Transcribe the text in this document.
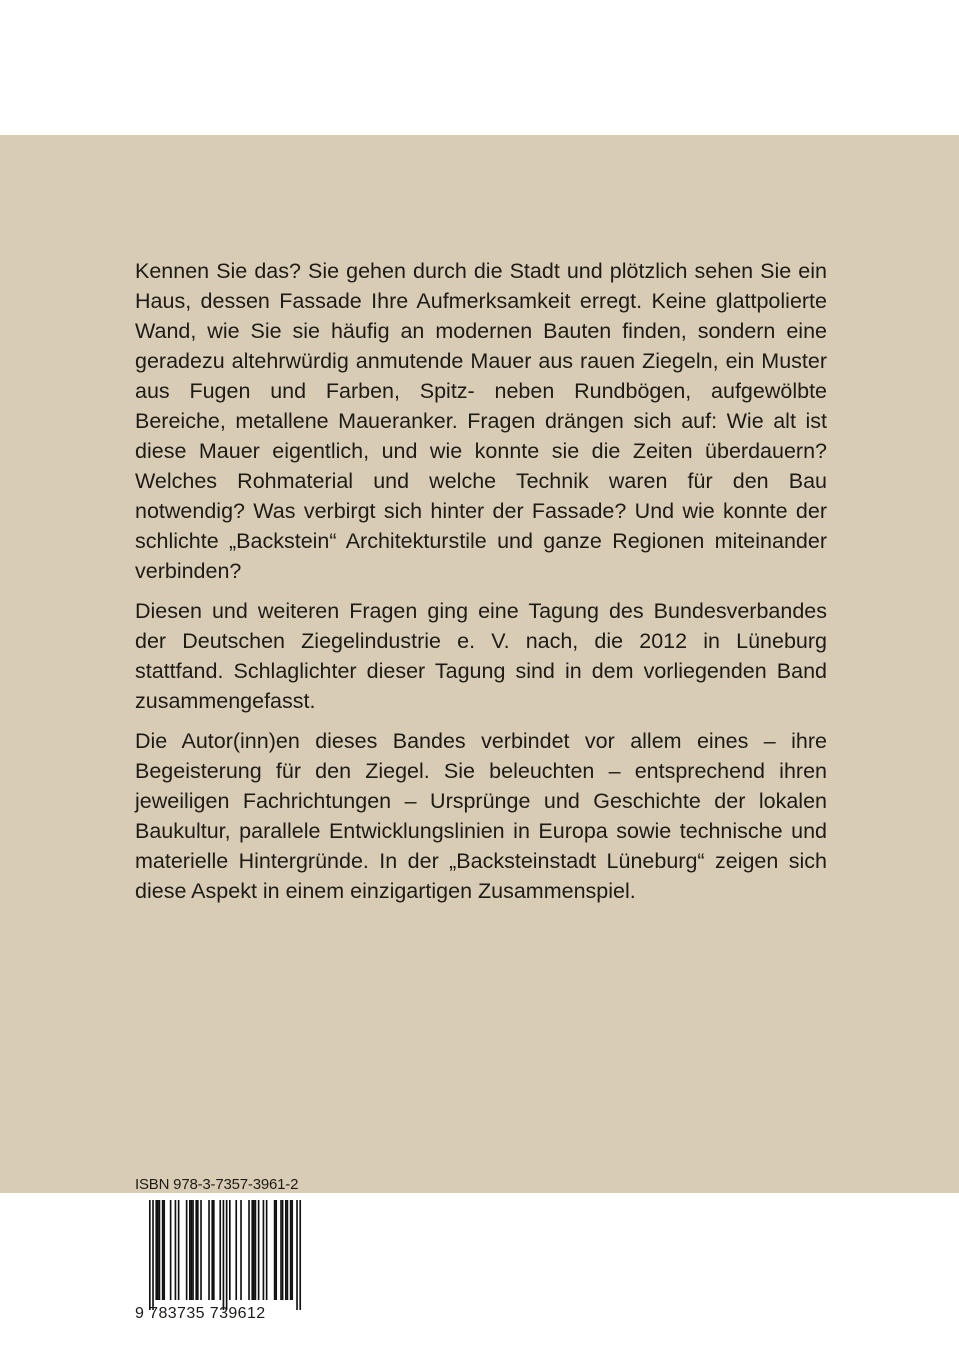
Kennen Sie das? Sie gehen durch die Stadt und plötzlich sehen Sie ein Haus, dessen Fassade Ihre Aufmerksamkeit erregt. Keine glattpolierte Wand, wie Sie sie häufig an modernen Bauten finden, sondern eine geradezu altehrwürdig anmutende Mauer aus rauen Ziegeln, ein Muster aus Fugen und Farben, Spitz- neben Rundbögen, aufgewölbte Bereiche, metallene Maueranker. Fragen drängen sich auf: Wie alt ist diese Mauer eigentlich, und wie konnte sie die Zeiten überdauern? Welches Rohmaterial und welche Technik waren für den Bau notwendig? Was verbirgt sich hinter der Fassade? Und wie konnte der schlichte „Backstein“ Architekturstile und ganze Regionen miteinander verbinden?

Diesen und weiteren Fragen ging eine Tagung des Bundesverbandes der Deutschen Ziegelindustrie e. V. nach, die 2012 in Lüneburg stattfand. Schlaglichter dieser Tagung sind in dem vorliegenden Band zusammengefasst.

Die Autor(inn)en dieses Bandes verbindet vor allem eines – ihre Begeisterung für den Ziegel. Sie beleuchten – entsprechend ihren jeweiligen Fachrichtungen – Ursprünge und Geschichte der lokalen Baukultur, parallele Entwicklungslinien in Europa sowie technische und materielle Hintergründe. In der „Backsteinstadt Lüneburg“ zeigen sich diese Aspekt in einem einzigartigen Zusammenspiel.

ISBN 978-3-7357-3961-2
9 783735 739612
